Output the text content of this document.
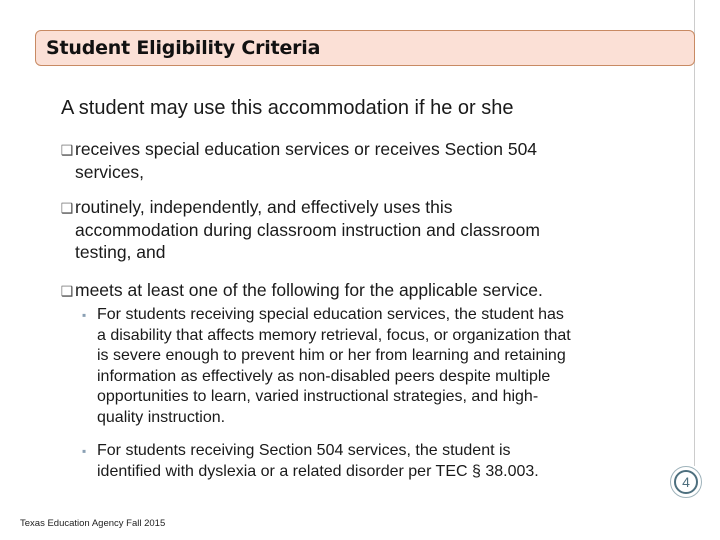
Student Eligibility Criteria
A student may use this accommodation if he or she
❑receives special education services or receives Section 504
services,
❑routinely, independently, and effectively uses this
accommodation during classroom instruction and classroom
testing, and
❑meets at least one of the following for the applicable service.
▪ For students receiving special education services, the student has
a disability that affects memory retrieval, focus, or organization that
is severe enough to prevent him or her from learning and retaining
information as effectively as non-disabled peers despite multiple
opportunities to learn, varied instructional strategies, and high-
quality instruction.
▪ For students receiving Section 504 services, the student is
identified with dyslexia or a related disorder per TEC § 38.003.
Texas Education Agency Fall 2015
4
